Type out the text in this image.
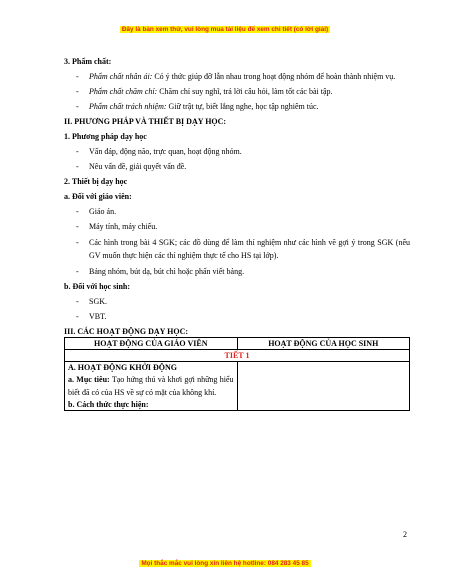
Đây là bản xem thử, vui lòng mua tài liệu để xem chi tiết (có lời giải)

3. Phẩm chất:

- Phẩm chất nhân ái: Có ý thức giúp đỡ lẫn nhau trong hoạt động nhóm để hoàn thành nhiệm vụ.

- Phẩm chất chăm chỉ: Chăm chỉ suy nghĩ, trả lời câu hỏi, làm tốt các bài tập.

- Phẩm chất trách nhiệm: Giữ trật tự, biết lắng nghe, học tập nghiêm túc.

II. PHƯƠNG PHÁP VÀ THIẾT BỊ DẠY HỌC:

1. Phương pháp dạy học

- Vấn đáp, động não, trực quan, hoạt động nhóm.

- Nêu vấn đề, giải quyết vấn đề.

2. Thiết bị dạy học

a. Đối với giáo viên:

- Giáo án.

- Máy tính, máy chiếu.

- Các hình trong bài 4 SGK; các đồ dùng để làm thí nghiệm như các hình vẽ gợi ý trong SGK (nếu GV muốn thực hiện các thí nghiệm thực tế cho HS tại lớp).

- Bảng nhóm, bút dạ, bút chì hoặc phấn viết bảng.

b. Đối với học sinh:

- SGK.

- VBT.

III. CÁC HOẠT ĐỘNG DẠY HỌC:

HOẠT ĐỘNG CỦA GIÁO VIÊN	HOẠT ĐỘNG CỦA HỌC SINH
TIẾT 1	

A. HOẠT ĐỘNG KHỞI ĐỘNG
a. Mục tiêu: Tạo hứng thú và khơi gợi những hiểu biết đã có của HS về sự có mặt của không khí.
b. Cách thức thực hiện:	

2
Mọi thắc mắc vui lòng xin liên hệ hotline: 084 283 45 85
